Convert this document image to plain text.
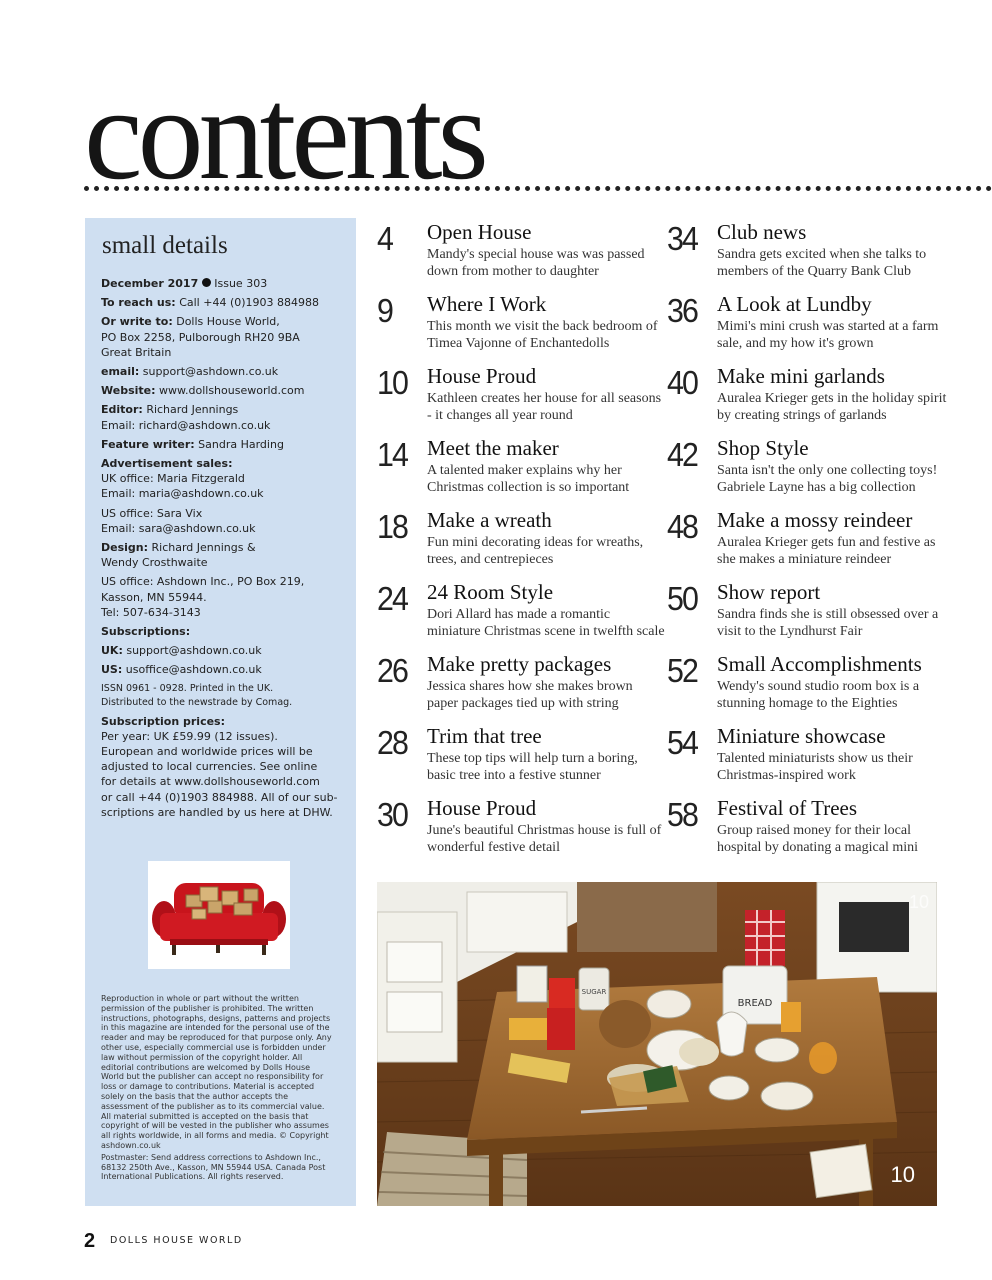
contents
small details

December 2017 Issue 303

To reach us: Call +44 (0)1903 884988

Or write to: Dolls House World,
PO Box 2258, Pulborough RH20 9BA
Great Britain

email: support@ashdown.co.uk

Website: www.dollshouseworld.com

Editor: Richard Jennings
Email: richard@ashdown.co.uk

Feature writer: Sandra Harding

Advertisement sales:
UK office: Maria Fitzgerald
Email: maria@ashdown.co.uk

US office: Sara Vix
Email: sara@ashdown.co.uk

Design: Richard Jennings &
Wendy Crosthwaite

US office: Ashdown Inc., PO Box 219,
Kasson, MN 55944.
Tel: 507-634-3143

Subscriptions:

UK: support@ashdown.co.uk

US: usoffice@ashdown.co.uk

ISSN 0961 - 0928. Printed in the UK.
Distributed to the newstrade by Comag.

Subscription prices:
Per year: UK £59.99 (12 issues).
European and worldwide prices will be
adjusted to local currencies. See online
for details at www.dollshouseworld.com
or call +44 (0)1903 884988. All of our sub-
scriptions are handled by us here at DHW.

Reproduction in whole or part without the written permission of the publisher is prohibited. The written instructions, photographs, designs, patterns and projects in this magazine are intended for the personal use of the reader and may be reproduced for that purpose only. Any other use, especially commercial use is forbidden under law without permission of the copyright holder. All editorial contributions are welcomed by Dolls House World but the publisher can accept no responsibility for loss or damage to contributions. Material is accepted solely on the basis that the author accepts the assessment of the publisher as to its commercial value. All material submitted is accepted on the basis that copyright of will be vested in the publisher who assumes all rights worldwide, in all forms and media. © Copyright ashdown.co.uk

Postmaster: Send address corrections to Ashdown Inc., 68132 250th Ave., Kasson, MN 55944 USA. Canada Post International Publications. All rights reserved.

4 Open House
Mandy's special house was was passed down from mother to daughter
9 Where I Work
This month we visit the back bedroom of Timea Vajonne of Enchantedolls
10 House Proud
Kathleen creates her house for all seasons - it changes all year round
14 Meet the maker
A talented maker explains why her Christmas collection is so important
18 Make a wreath
Fun mini decorating ideas for wreaths, trees, and centrepieces
24 24 Room Style
Dori Allard has made a romantic miniature Christmas scene in twelfth scale
26 Make pretty packages
Jessica shares how she makes brown paper packages tied up with string
28 Trim that tree
These top tips will help turn a boring, basic tree into a festive stunner
30 House Proud
June's beautiful Christmas house is full of wonderful festive detail
34 Club news
Sandra gets excited when she talks to members of the Quarry Bank Club
36 A Look at Lundby
Mimi's mini crush was started at a farm sale, and my how it's grown
40 Make mini garlands
Auralea Krieger gets in the holiday spirit by creating strings of garlands
42 Shop Style
Santa isn't the only one collecting toys! Gabriele Layne has a big collection
48 Make a mossy reindeer
Auralea Krieger gets fun and festive as she makes a miniature reindeer
50 Show report
Sandra finds she is still obsessed over a visit to the Lyndhurst Fair
52 Small Accomplishments
Wendy's sound studio room box is a stunning homage to the Eighties
54 Miniature showcase
Talented miniaturists show us their Christmas-inspired work
58 Festival of Trees
Group raised money for their local hospital by donating a magical mini
BREAD
SUGAR
10
10
2 DOLLS HOUSE WORLD
